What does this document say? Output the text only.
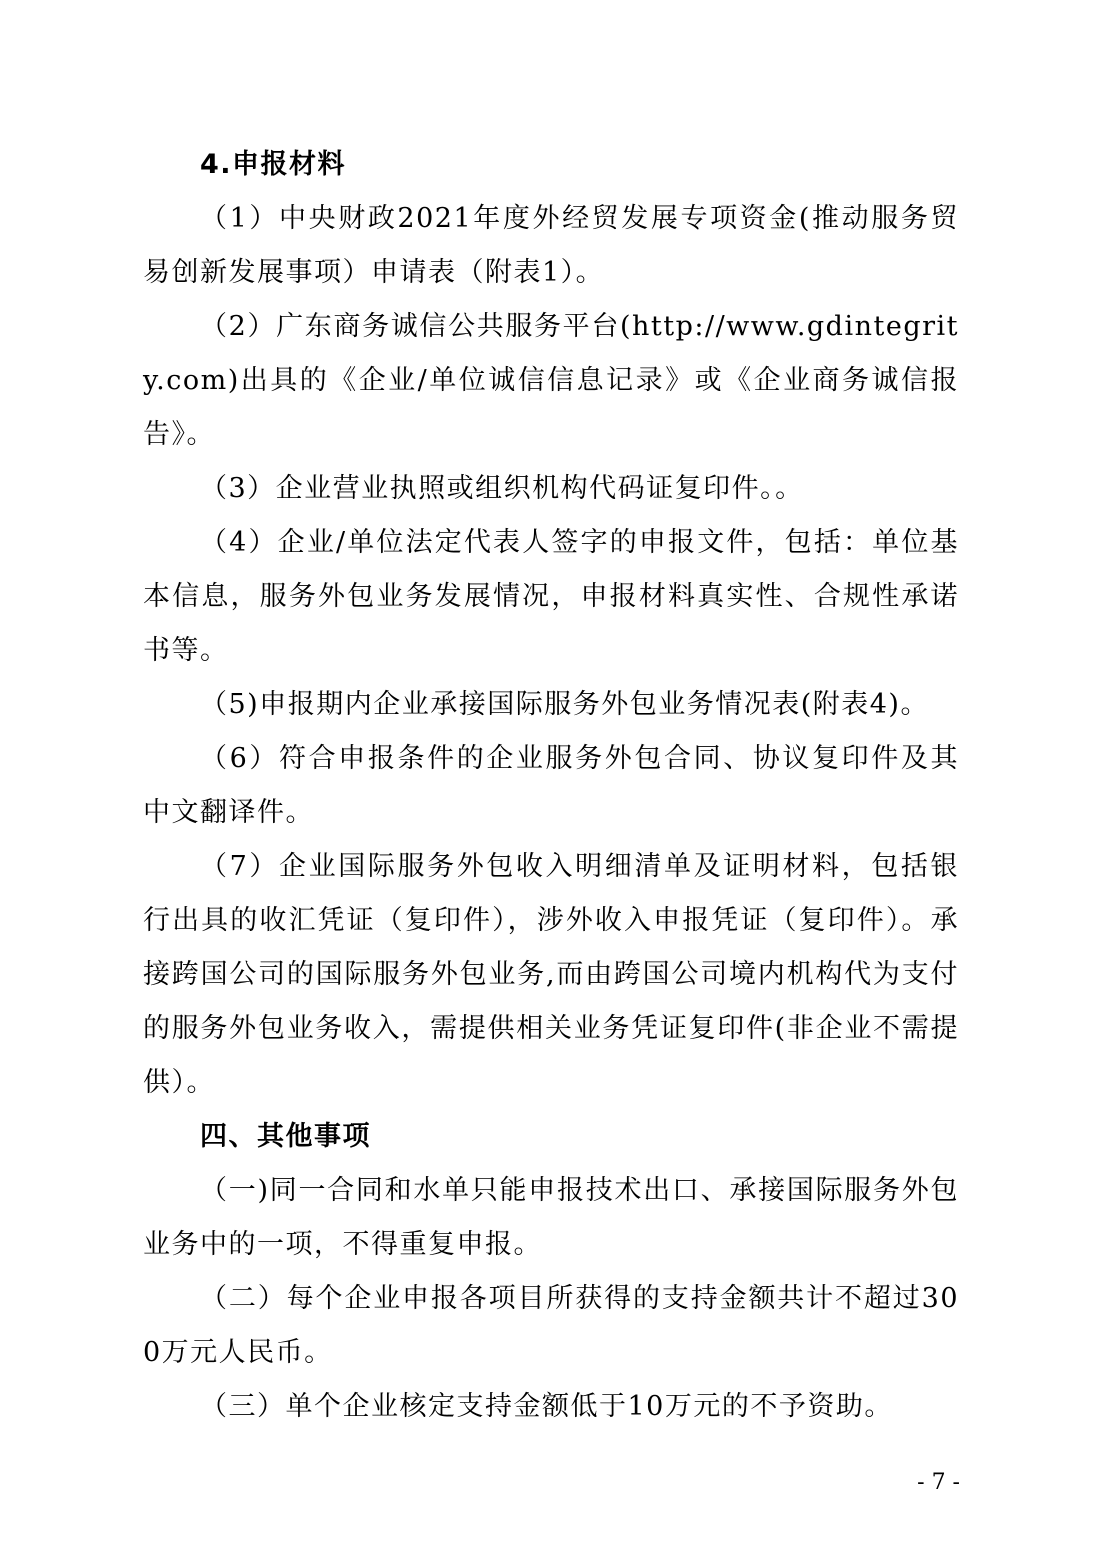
4.申报材料

（1）中央财政2021年度外经贸发展专项资金(推动服务贸易创新发展事项）申请表（附表1）。

（2）广东商务诚信公共服务平台(http://www.gdintegrity.com)出具的《企业/单位诚信信息记录》或《企业商务诚信报告》。

（3）企业营业执照或组织机构代码证复印件。。

（4）企业/单位法定代表人签字的申报文件，包括：单位基本信息，服务外包业务发展情况，申报材料真实性、合规性承诺书等。

（5)申报期内企业承接国际服务外包业务情况表(附表4)。

（6）符合申报条件的企业服务外包合同、协议复印件及其中文翻译件。

（7）企业国际服务外包收入明细清单及证明材料，包括银行出具的收汇凭证（复印件），涉外收入申报凭证（复印件）。承接跨国公司的国际服务外包业务,而由跨国公司境内机构代为支付的服务外包业务收入，需提供相关业务凭证复印件(非企业不需提供）。

四、其他事项

（一)同一合同和水单只能申报技术出口、承接国际服务外包业务中的一项，不得重复申报。

（二）每个企业申报各项目所获得的支持金额共计不超过300万元人民币。

（三）单个企业核定支持金额低于10万元的不予资助。

- 7 -
